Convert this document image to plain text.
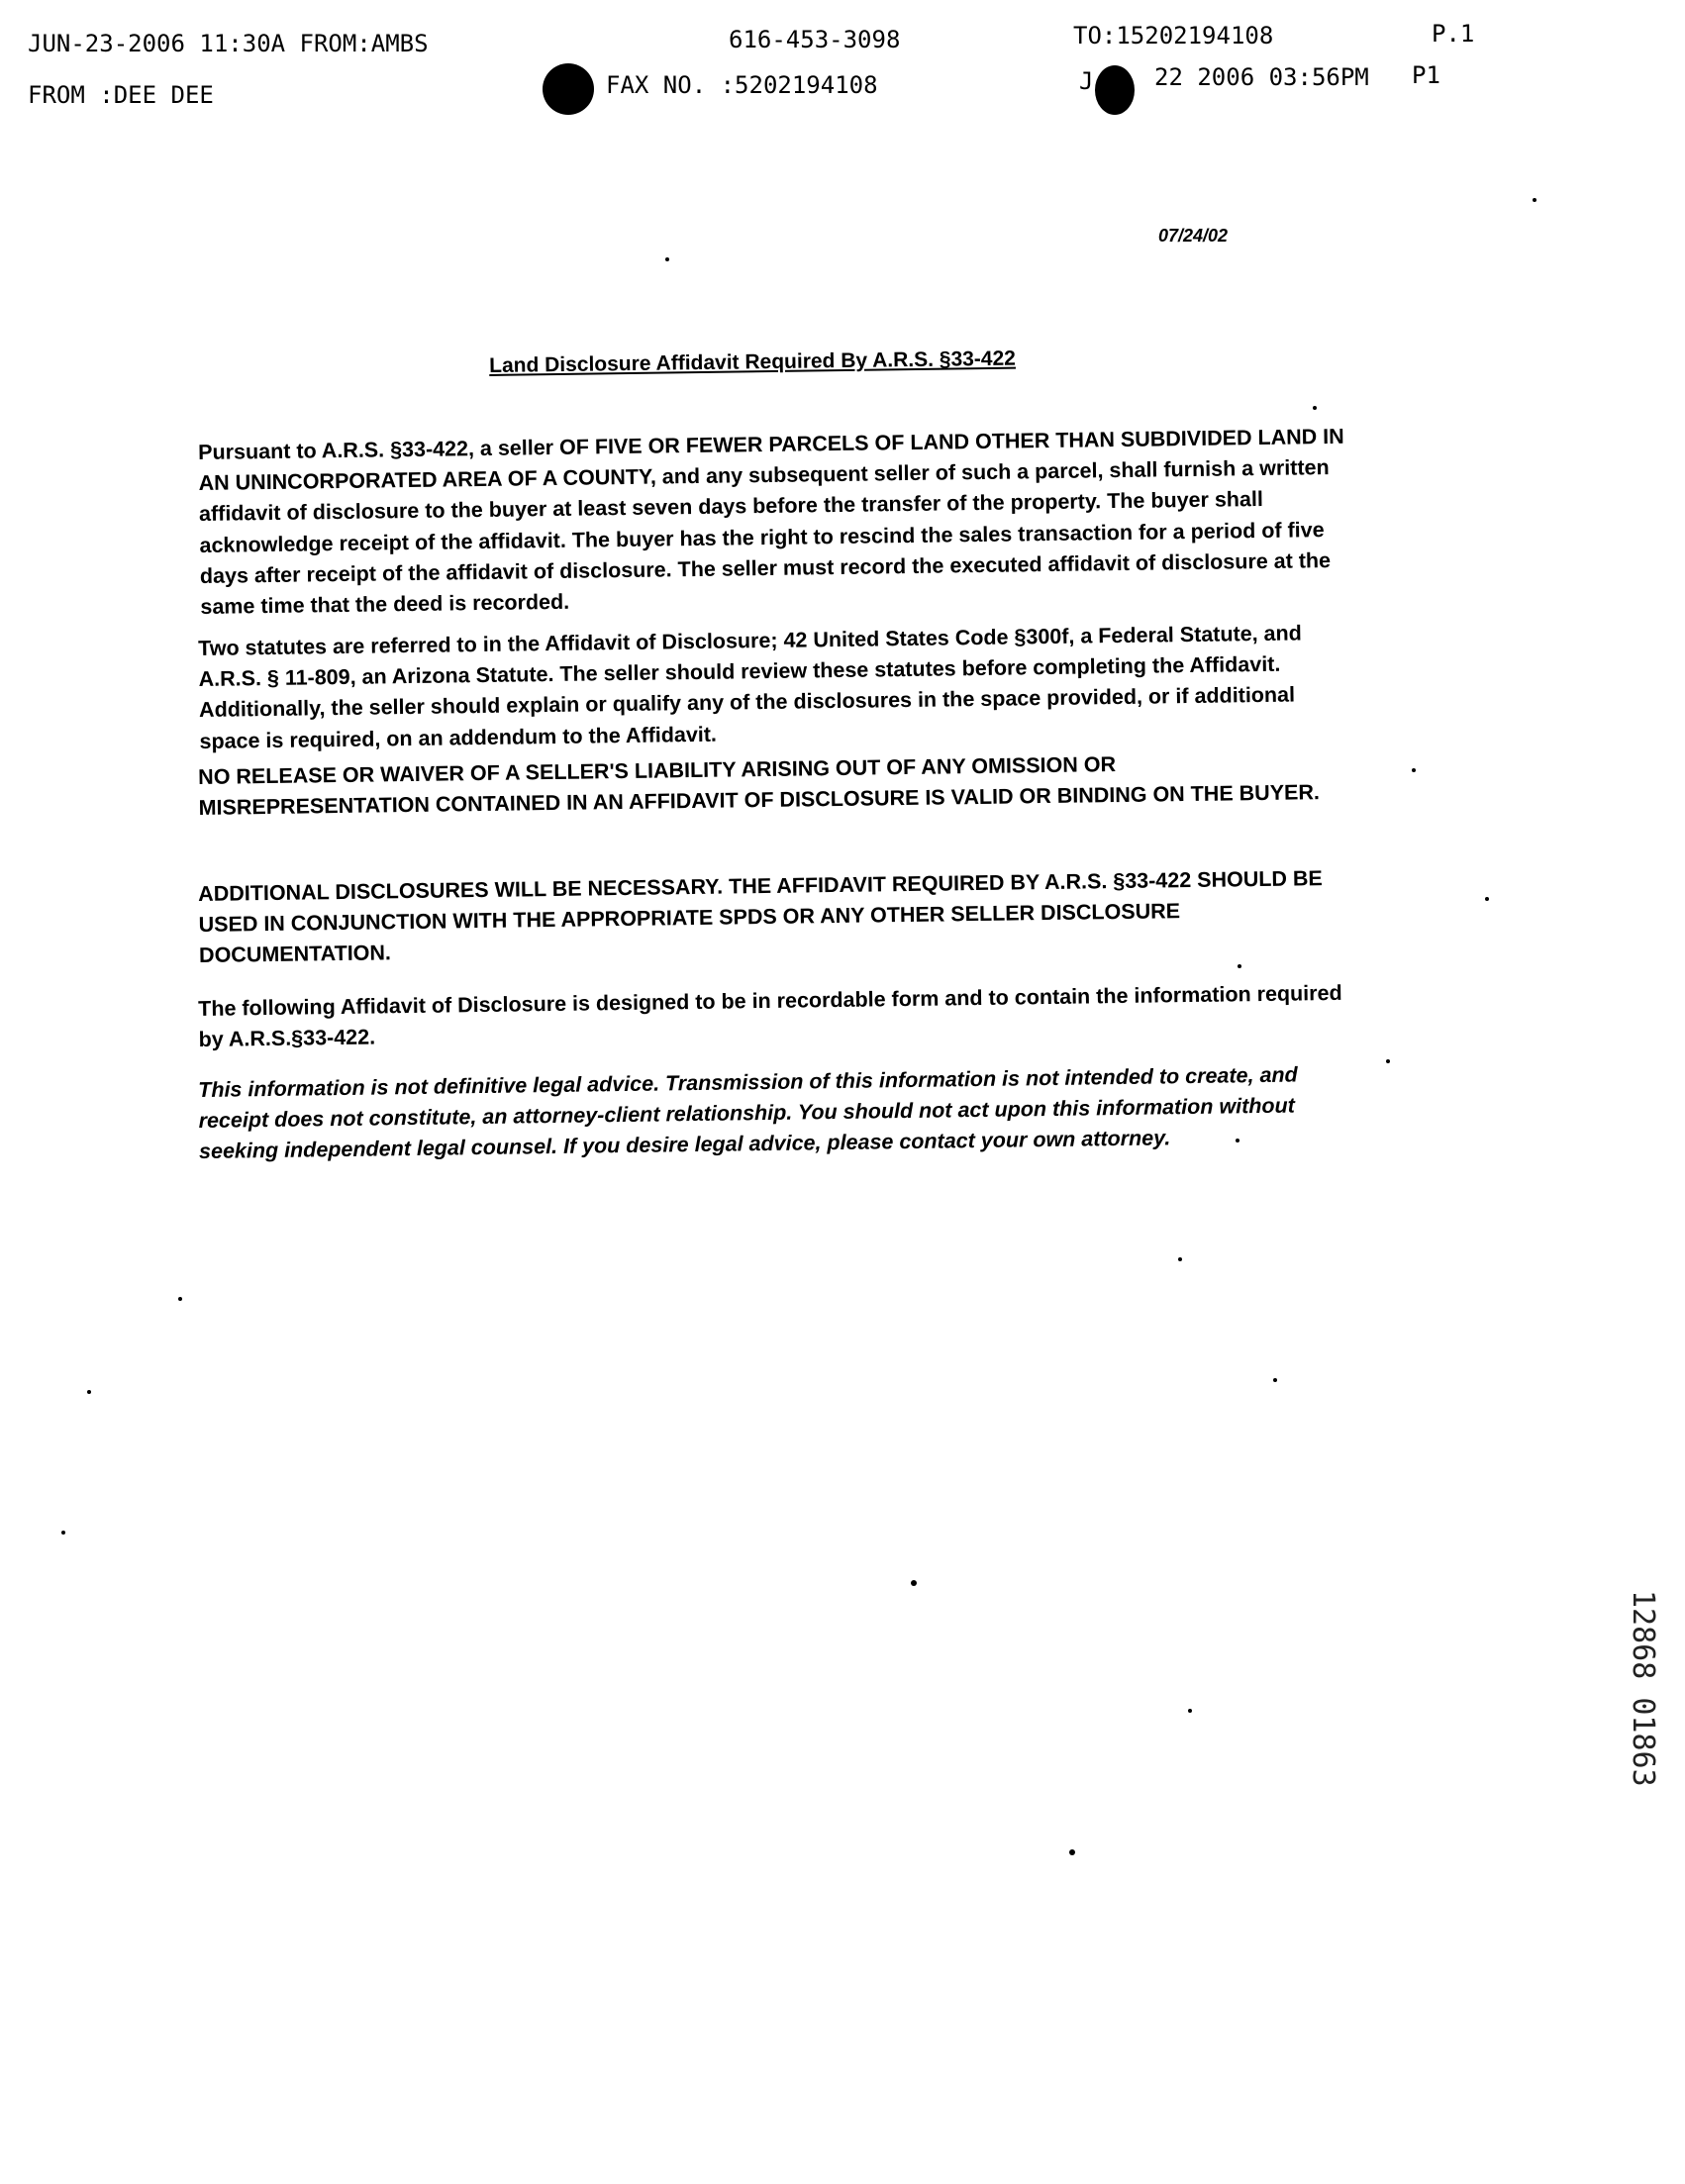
JUN-23-2006 11:30A FROM:AMBS	616-453-3098	TO:15202194108	P.1
FROM :DEE DEE	FAX NO. :5202194108	J	22 2006 03:56PM P1
07/24/02
Land Disclosure Affidavit Required By A.R.S. §33-422
Pursuant to A.R.S. §33-422, a seller OF FIVE OR FEWER PARCELS OF LAND OTHER THAN SUBDIVIDED LAND IN AN UNINCORPORATED AREA OF A COUNTY, and any subsequent seller of such a parcel, shall furnish a written affidavit of disclosure to the buyer at least seven days before the transfer of the property. The buyer shall acknowledge receipt of the affidavit. The buyer has the right to rescind the sales transaction for a period of five days after receipt of the affidavit of disclosure. The seller must record the executed affidavit of disclosure at the same time that the deed is recorded.
Two statutes are referred to in the Affidavit of Disclosure; 42 United States Code §300f, a Federal Statute, and A.R.S. § 11-809, an Arizona Statute. The seller should review these statutes before completing the Affidavit. Additionally, the seller should explain or qualify any of the disclosures in the space provided, or if additional space is required, on an addendum to the Affidavit.
NO RELEASE OR WAIVER OF A SELLER'S LIABILITY ARISING OUT OF ANY OMISSION OR MISREPRESENTATION CONTAINED IN AN AFFIDAVIT OF DISCLOSURE IS VALID OR BINDING ON THE BUYER.
ADDITIONAL DISCLOSURES WILL BE NECESSARY. THE AFFIDAVIT REQUIRED BY A.R.S. §33-422 SHOULD BE USED IN CONJUNCTION WITH THE APPROPRIATE SPDS OR ANY OTHER SELLER DISCLOSURE DOCUMENTATION.
The following Affidavit of Disclosure is designed to be in recordable form and to contain the information required by A.R.S.§33-422.
This information is not definitive legal advice. Transmission of this information is not intended to create, and receipt does not constitute, an attorney-client relationship. You should not act upon this information without seeking independent legal counsel. If you desire legal advice, please contact your own attorney.
12868 01863
